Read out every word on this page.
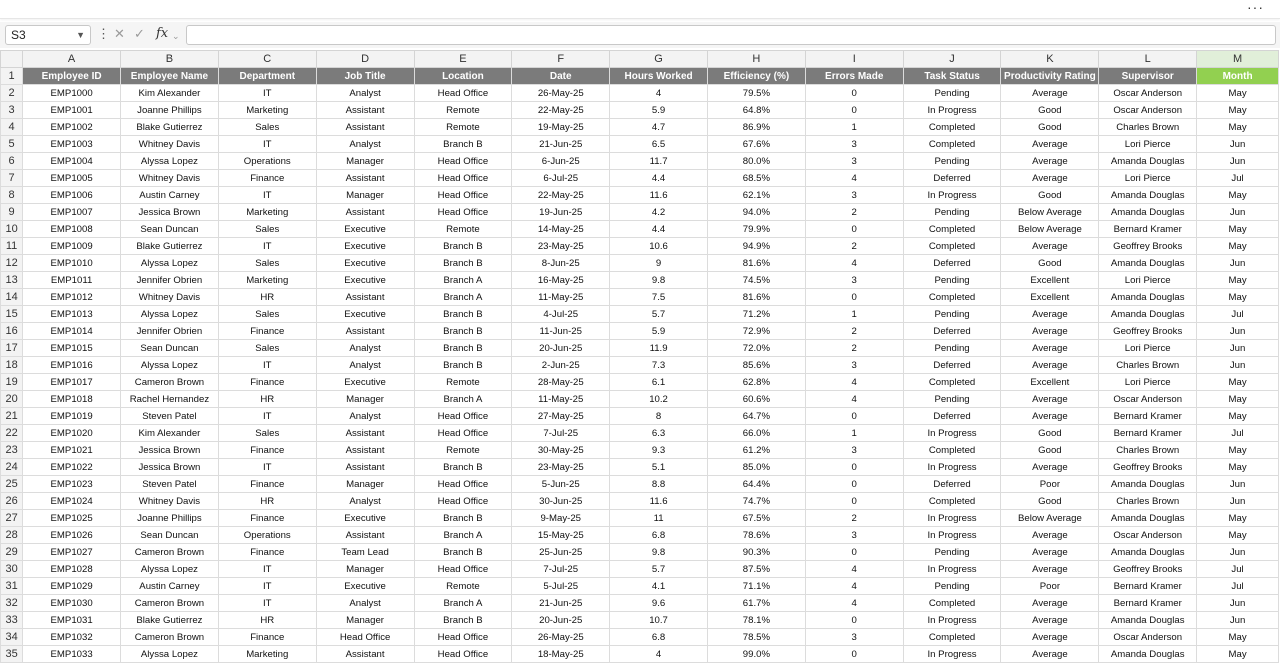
···
S3	▼ ⋮ ✕ ✓ fx ⌄
	A	B	C	D	E	F	G	H	I	J	K	L	M
1	Employee ID	Employee Name	Department	Job Title	Location	Date	Hours Worked	Efficiency (%)	Errors Made	Task Status	Productivity Rating	Supervisor	Month
2	EMP1000	Kim Alexander	IT	Analyst	Head Office	26-May-25	4	79.5%	0	Pending	Average	Oscar Anderson	May
3	EMP1001	Joanne Phillips	Marketing	Assistant	Remote	22-May-25	5.9	64.8%	0	In Progress	Good	Oscar Anderson	May
4	EMP1002	Blake Gutierrez	Sales	Assistant	Remote	19-May-25	4.7	86.9%	1	Completed	Good	Charles Brown	May
5	EMP1003	Whitney Davis	IT	Analyst	Branch B	21-Jun-25	6.5	67.6%	3	Completed	Average	Lori Pierce	Jun
6	EMP1004	Alyssa Lopez	Operations	Manager	Head Office	6-Jun-25	11.7	80.0%	3	Pending	Average	Amanda Douglas	Jun
7	EMP1005	Whitney Davis	Finance	Assistant	Head Office	6-Jul-25	4.4	68.5%	4	Deferred	Average	Lori Pierce	Jul
8	EMP1006	Austin Carney	IT	Manager	Head Office	22-May-25	11.6	62.1%	3	In Progress	Good	Amanda Douglas	May
9	EMP1007	Jessica Brown	Marketing	Assistant	Head Office	19-Jun-25	4.2	94.0%	2	Pending	Below Average	Amanda Douglas	Jun
10	EMP1008	Sean Duncan	Sales	Executive	Remote	14-May-25	4.4	79.9%	0	Completed	Below Average	Bernard Kramer	May
11	EMP1009	Blake Gutierrez	IT	Executive	Branch B	23-May-25	10.6	94.9%	2	Completed	Average	Geoffrey Brooks	May
12	EMP1010	Alyssa Lopez	Sales	Executive	Branch B	8-Jun-25	9	81.6%	4	Deferred	Good	Amanda Douglas	Jun
13	EMP1011	Jennifer Obrien	Marketing	Executive	Branch A	16-May-25	9.8	74.5%	3	Pending	Excellent	Lori Pierce	May
14	EMP1012	Whitney Davis	HR	Assistant	Branch A	11-May-25	7.5	81.6%	0	Completed	Excellent	Amanda Douglas	May
15	EMP1013	Alyssa Lopez	Sales	Executive	Branch B	4-Jul-25	5.7	71.2%	1	Pending	Average	Amanda Douglas	Jul
16	EMP1014	Jennifer Obrien	Finance	Assistant	Branch B	11-Jun-25	5.9	72.9%	2	Deferred	Average	Geoffrey Brooks	Jun
17	EMP1015	Sean Duncan	Sales	Analyst	Branch B	20-Jun-25	11.9	72.0%	2	Pending	Average	Lori Pierce	Jun
18	EMP1016	Alyssa Lopez	IT	Analyst	Branch B	2-Jun-25	7.3	85.6%	3	Deferred	Average	Charles Brown	Jun
19	EMP1017	Cameron Brown	Finance	Executive	Remote	28-May-25	6.1	62.8%	4	Completed	Excellent	Lori Pierce	May
20	EMP1018	Rachel Hernandez	HR	Manager	Branch A	11-May-25	10.2	60.6%	4	Pending	Average	Oscar Anderson	May
21	EMP1019	Steven Patel	IT	Analyst	Head Office	27-May-25	8	64.7%	0	Deferred	Average	Bernard Kramer	May
22	EMP1020	Kim Alexander	Sales	Assistant	Head Office	7-Jul-25	6.3	66.0%	1	In Progress	Good	Bernard Kramer	Jul
23	EMP1021	Jessica Brown	Finance	Assistant	Remote	30-May-25	9.3	61.2%	3	Completed	Good	Charles Brown	May
24	EMP1022	Jessica Brown	IT	Assistant	Branch B	23-May-25	5.1	85.0%	0	In Progress	Average	Geoffrey Brooks	May
25	EMP1023	Steven Patel	Finance	Manager	Head Office	5-Jun-25	8.8	64.4%	0	Deferred	Poor	Amanda Douglas	Jun
26	EMP1024	Whitney Davis	HR	Analyst	Head Office	30-Jun-25	11.6	74.7%	0	Completed	Good	Charles Brown	Jun
27	EMP1025	Joanne Phillips	Finance	Executive	Branch B	9-May-25	11	67.5%	2	In Progress	Below Average	Amanda Douglas	May
28	EMP1026	Sean Duncan	Operations	Assistant	Branch A	15-May-25	6.8	78.6%	3	In Progress	Average	Oscar Anderson	May
29	EMP1027	Cameron Brown	Finance	Team Lead	Branch B	25-Jun-25	9.8	90.3%	0	Pending	Average	Amanda Douglas	Jun
30	EMP1028	Alyssa Lopez	IT	Manager	Head Office	7-Jul-25	5.7	87.5%	4	In Progress	Average	Geoffrey Brooks	Jul
31	EMP1029	Austin Carney	IT	Executive	Remote	5-Jul-25	4.1	71.1%	4	Pending	Poor	Bernard Kramer	Jul
32	EMP1030	Cameron Brown	IT	Analyst	Branch A	21-Jun-25	9.6	61.7%	4	Completed	Average	Bernard Kramer	Jun
33	EMP1031	Blake Gutierrez	HR	Manager	Branch B	20-Jun-25	10.7	78.1%	0	In Progress	Average	Amanda Douglas	Jun
34	EMP1032	Cameron Brown	Finance	Head Office	Head Office	26-May-25	6.8	78.5%	3	Completed	Average	Oscar Anderson	May
35	EMP1033	Alyssa Lopez	Marketing	Assistant	Head Office	18-May-25	4	99.0%	0	In Progress	Average	Amanda Douglas	May
